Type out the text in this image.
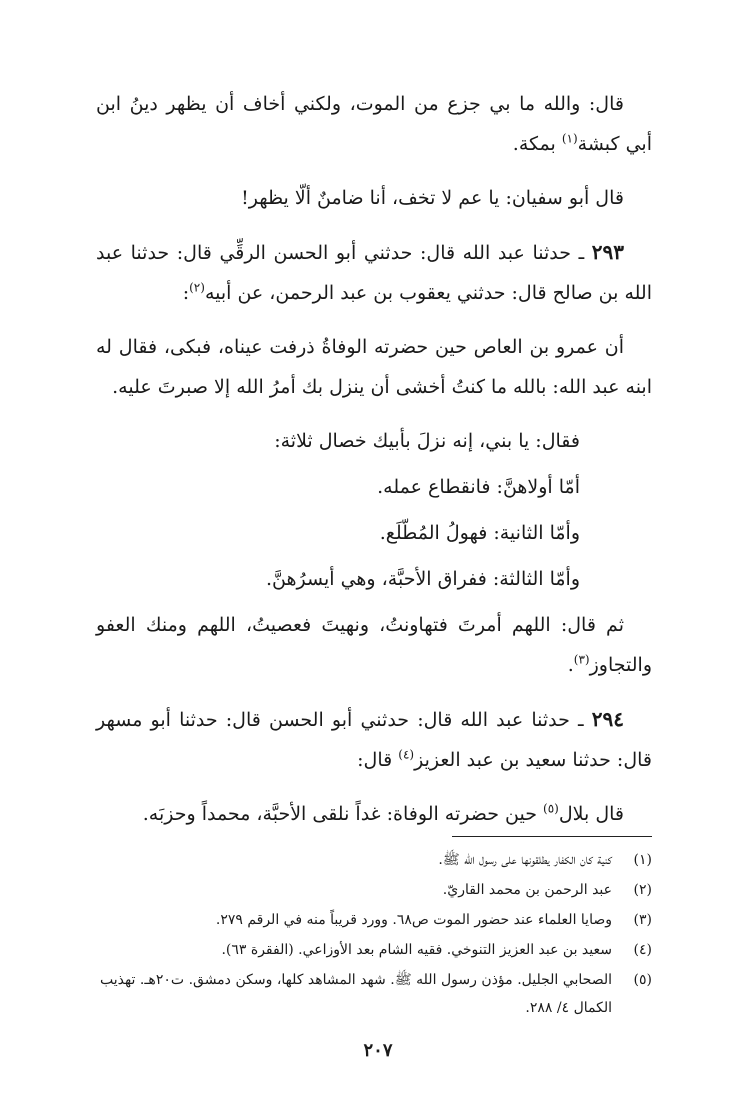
قال: والله ما بي جزع من الموت، ولكني أخاف أن يظهر دينُ ابن أبي كبشة$^{(١)}$ بمكة.

قال أبو سفيان: يا عم لا تخف، أنا ضامنٌ ألّا يظهر!

٢٩٣ ـ حدثنا عبد الله قال: حدثني أبو الحسن الرقِّي قال: حدثنا عبد الله بن صالح قال: حدثني يعقوب بن عبد الرحمن، عن أبيه$^{(٢)}$:

أن عمرو بن العاص حين حضرته الوفاةُ ذرفت عيناه، فبكى، فقال له ابنه عبد الله: بالله ما كنتُ أخشى أن ينزل بك أمرُ الله إلا صبرتَ عليه.

فقال: يا بني، إنه نزلَ بأبيك خصال ثلاثة:

أمّا أولاهنَّ: فانقطاع عمله.

وأمّا الثانية: فهولُ المُطّلَع.

وأمّا الثالثة: ففراق الأحبَّة، وهي أيسرُهنَّ.

ثم قال: اللهم أمرتَ فتهاونتُ، ونهيتَ فعصيتُ، اللهم ومنك العفو والتجاوز$^{(٣)}$.

٢٩٤ ـ حدثنا عبد الله قال: حدثني أبو الحسن قال: حدثنا أبو مسهر قال: حدثنا سعيد بن عبد العزيز$^{(٤)}$ قال:

قال بلال$^{(٥)}$ حين حضرته الوفاة: غداً نلقى الأحبَّة، محمداً وحزبَه.

(١)
كنية كان الكفار يطلقونها على رسول الله ﷺ.
(٢)
عبد الرحمن بن محمد القاريّ.
(٣)
وصايا العلماء عند حضور الموت ص٦٨. وورد قريباً منه في الرقم ٢٧٩.
(٤)
سعيد بن عبد العزيز التنوخي. فقيه الشام بعد الأوزاعي. (الفقرة ٦٣).
(٥)
الصحابي الجليل. مؤذن رسول الله ﷺ. شهد المشاهد كلها، وسكن دمشق. ت٢٠هـ. تهذيب الكمال ٤/ ٢٨٨.
٢٠٧
